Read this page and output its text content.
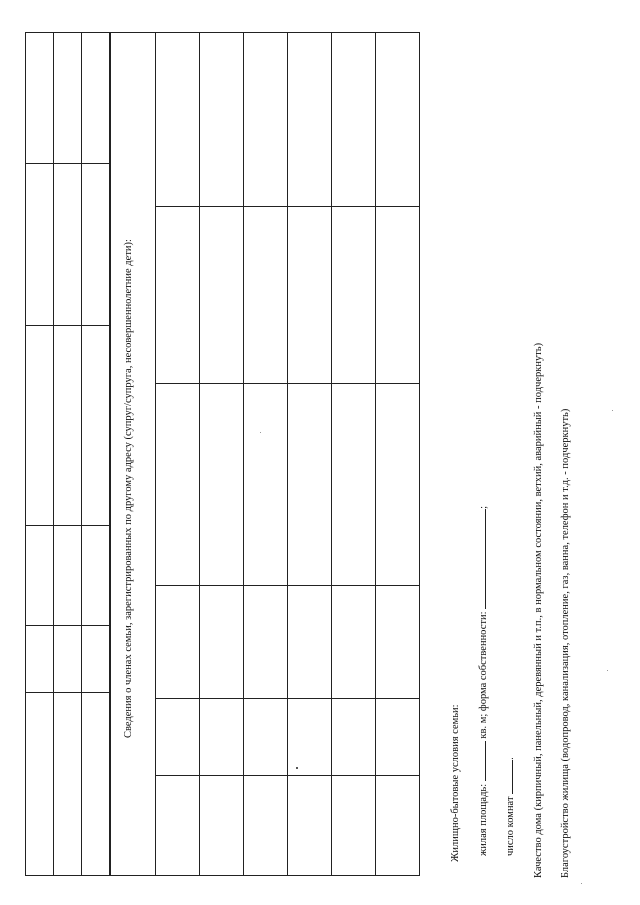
Сведения о членах семьи, зарегистрированных по другому адресу (супруг/супруга, несовершеннолетние дети):
Жилищно-бытовые условия семьи: жилая площадь:  кв. м; форма собственности: ;
число комнат . Качество дома (кирпичный, панельный, деревянный и т.п., в нормальном состоянии, ветхий, аварийный - подчеркнуть) Благоустройство жилища (водопровод, канализация, отопление, газ, ванна, телефон и т.д. - подчеркнуть)
